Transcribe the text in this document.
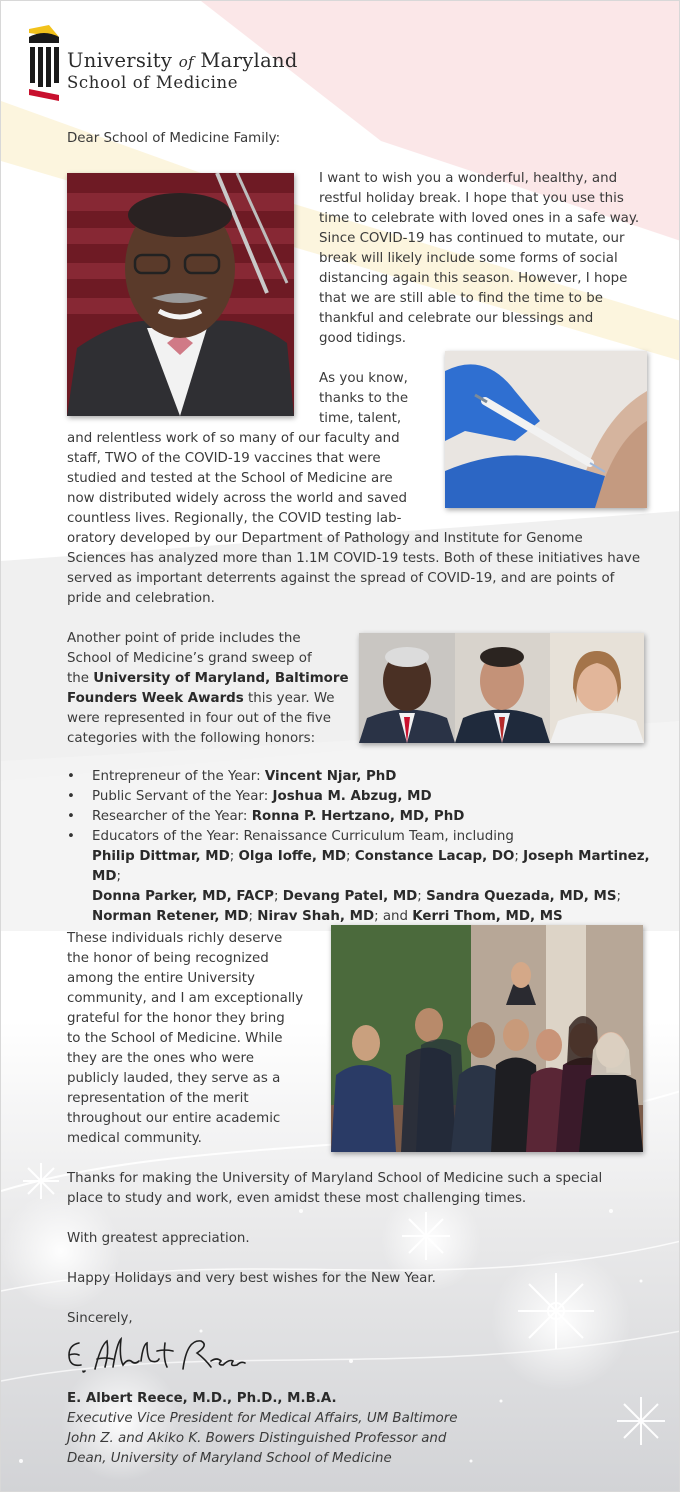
University of Maryland
School of Medicine
Dear School of Medicine Family:
I want to wish you a wonderful, healthy, and
restful holiday break. I hope that you use this
time to celebrate with loved ones in a safe way.
Since COVID-19 has continued to mutate, our
break will likely include some forms of social
distancing again this season. However, I hope
that we are still able to find the time to be
thankful and celebrate our blessings and
good tidings.
As you know,
thanks to the
time, talent,
and relentless work of so many of our faculty and
staff, TWO of the COVID-19 vaccines that were
studied and tested at the School of Medicine are
now distributed widely across the world and saved
countless lives. Regionally, the COVID testing lab-
oratory developed by our Department of Pathology and Institute for Genome
Sciences has analyzed more than 1.1M COVID-19 tests. Both of these initiatives have
served as important deterrents against the spread of COVID-19, and are points of
pride and celebration.
Another point of pride includes the
School of Medicine’s grand sweep of
the University of Maryland, Baltimore
Founders Week Awards this year. We
were represented in four out of the five
categories with the following honors:
• Entrepreneur of the Year: Vincent Njar, PhD
• Public Servant of the Year: Joshua M. Abzug, MD
• Researcher of the Year: Ronna P. Hertzano, MD, PhD
• Educators of the Year: Renaissance Curriculum Team, including
Philip Dittmar, MD; Olga Ioffe, MD; Constance Lacap, DO; Joseph Martinez, MD;
Donna Parker, MD, FACP; Devang Patel, MD; Sandra Quezada, MD, MS;
Norman Retener, MD; Nirav Shah, MD; and Kerri Thom, MD, MS
These individuals richly deserve
the honor of being recognized
among the entire University
community, and I am exceptionally
grateful for the honor they bring
to the School of Medicine. While
they are the ones who were
publicly lauded, they serve as a
representation of the merit
throughout our entire academic
medical community.
Thanks for making the University of Maryland School of Medicine such a special
place to study and work, even amidst these most challenging times.
With greatest appreciation.
Happy Holidays and very best wishes for the New Year.
Sincerely,
E. Albert Reece, M.D., Ph.D., M.B.A.
Executive Vice President for Medical Affairs, UM Baltimore
John Z. and Akiko K. Bowers Distinguished Professor and
Dean, University of Maryland School of Medicine
